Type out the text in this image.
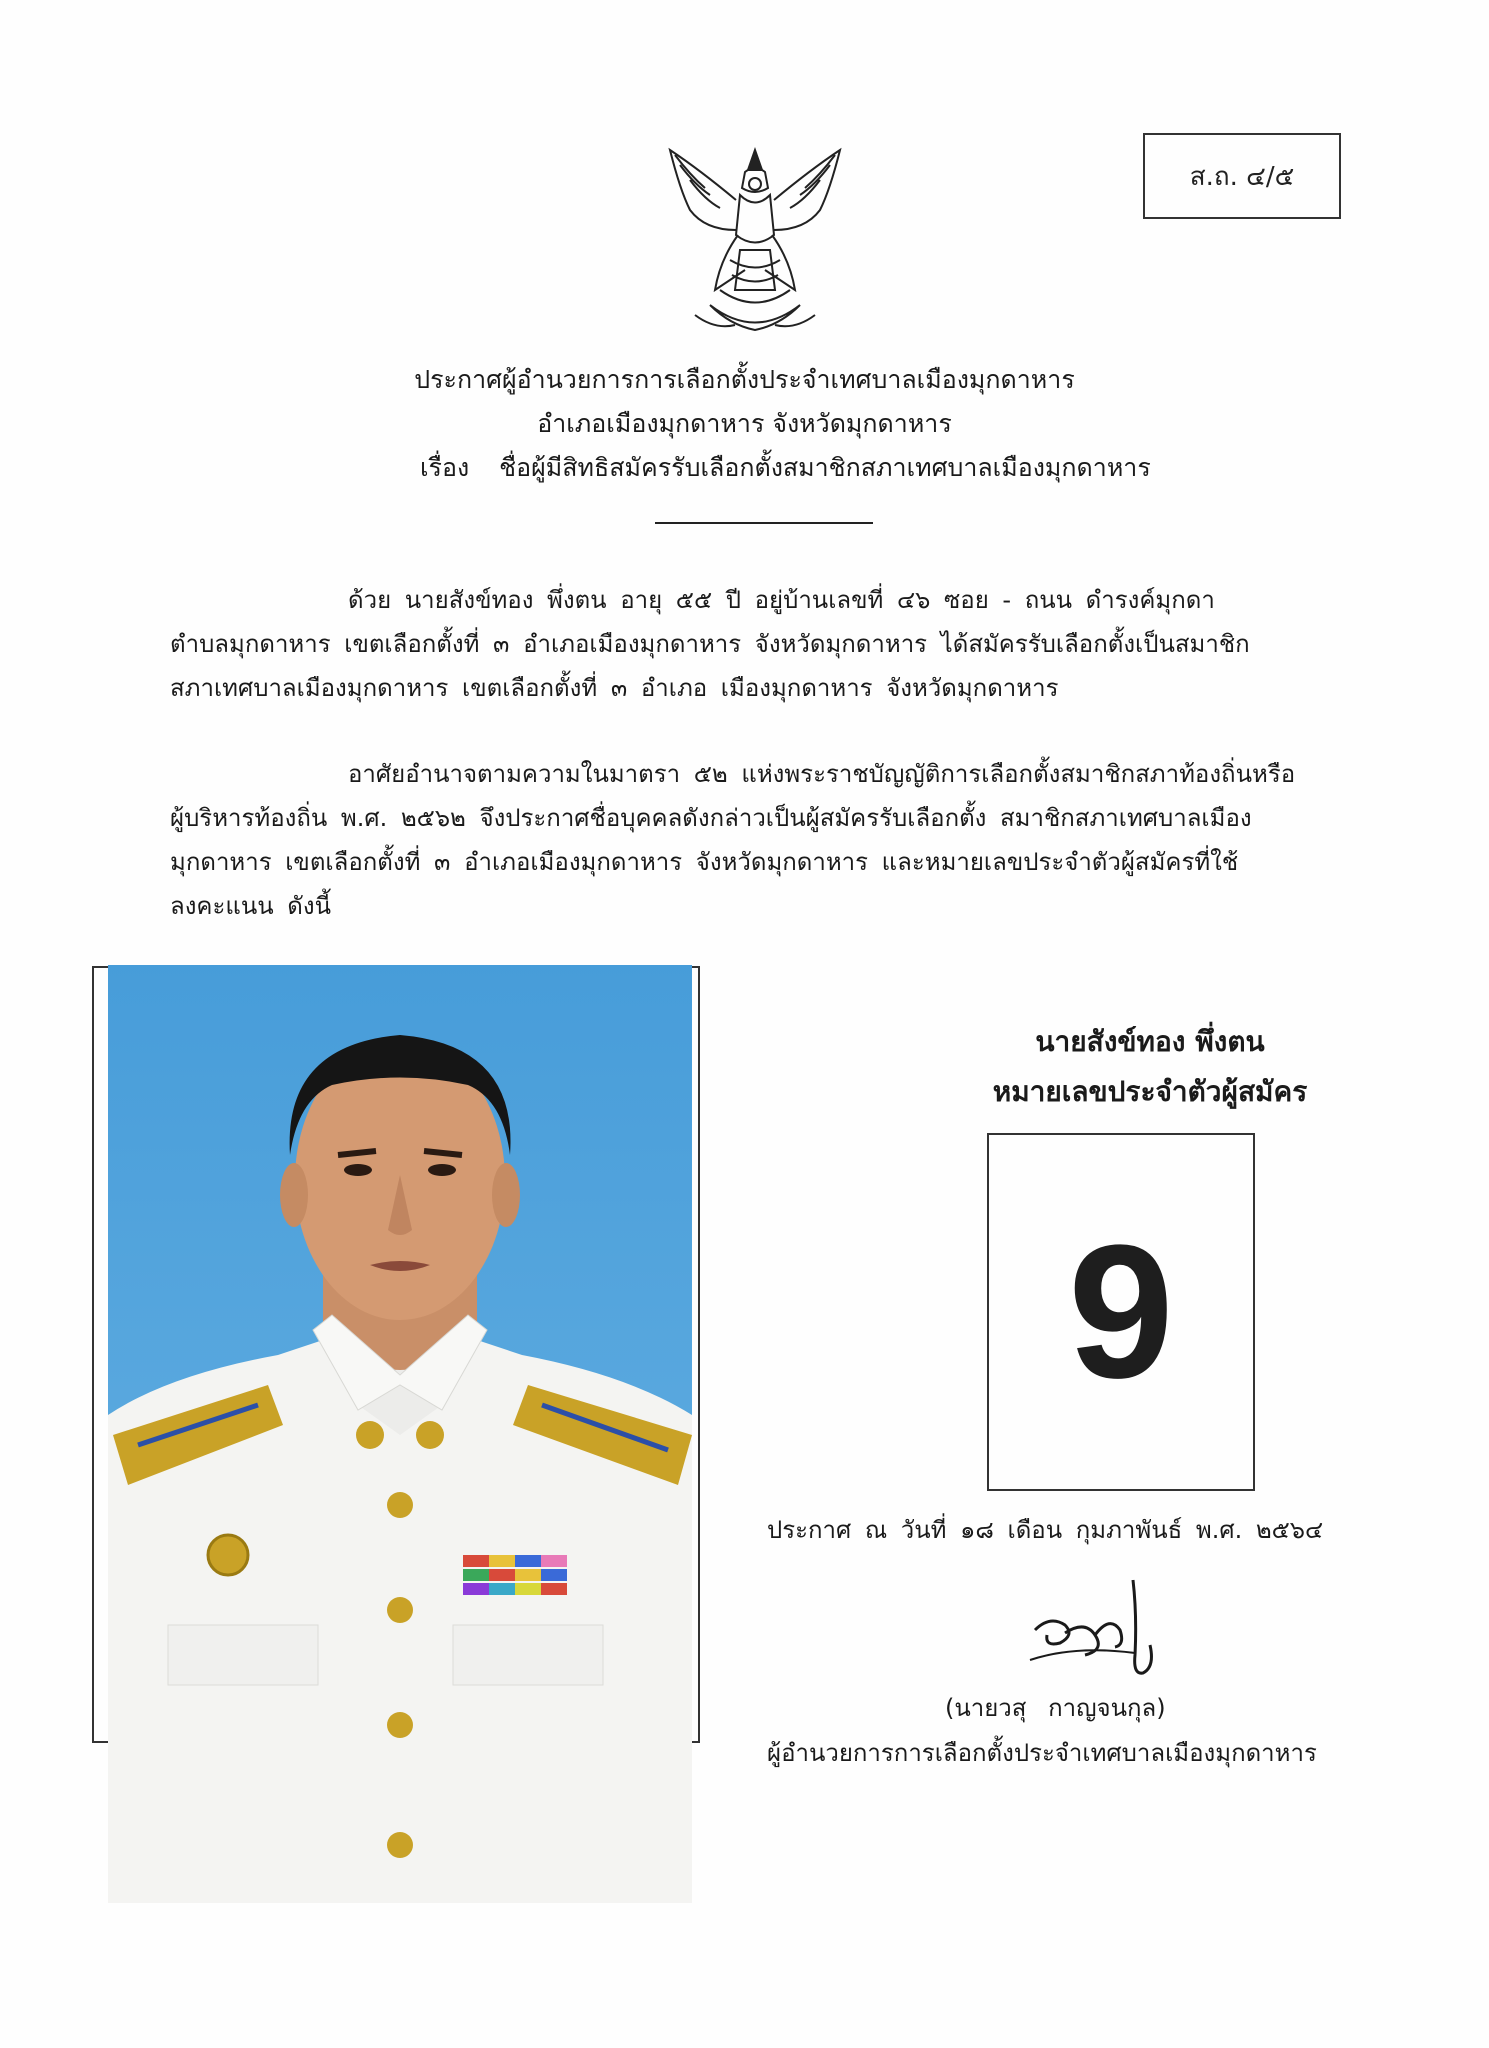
ส.ถ. ๔/๕
ประกาศผู้อำนวยการการเลือกตั้งประจำเทศบาลเมืองมุกดาหาร
อำเภอเมืองมุกดาหาร จังหวัดมุกดาหาร
เรื่อง ชื่อผู้มีสิทธิสมัครรับเลือกตั้งสมาชิกสภาเทศบาลเมืองมุกดาหาร
ด้วย นายสังข์ทอง พึ่งตน อายุ ๕๕ ปี อยู่บ้านเลขที่ ๔๖ ซอย - ถนน ดำรงค์มุกดา
ตำบลมุกดาหาร เขตเลือกตั้งที่ ๓ อำเภอเมืองมุกดาหาร จังหวัดมุกดาหาร ได้สมัครรับเลือกตั้งเป็นสมาชิก
สภาเทศบาลเมืองมุกดาหาร เขตเลือกตั้งที่ ๓ อำเภอ เมืองมุกดาหาร จังหวัดมุกดาหาร
อาศัยอำนาจตามความในมาตรา ๕๒ แห่งพระราชบัญญัติการเลือกตั้งสมาชิกสภาท้องถิ่นหรือ
ผู้บริหารท้องถิ่น พ.ศ. ๒๕๖๒ จึงประกาศชื่อบุคคลดังกล่าวเป็นผู้สมัครรับเลือกตั้ง สมาชิกสภาเทศบาลเมือง
มุกดาหาร เขตเลือกตั้งที่ ๓ อำเภอเมืองมุกดาหาร จังหวัดมุกดาหาร และหมายเลขประจำตัวผู้สมัครที่ใช้
ลงคะแนน ดังนี้
นายสังข์ทอง พึ่งตน
หมายเลขประจำตัวผู้สมัคร
9
ประกาศ ณ วันที่ ๑๘ เดือน กุมภาพันธ์ พ.ศ. ๒๕๖๔
(นายวสุ กาญจนกุล)
ผู้อำนวยการการเลือกตั้งประจำเทศบาลเมืองมุกดาหาร
